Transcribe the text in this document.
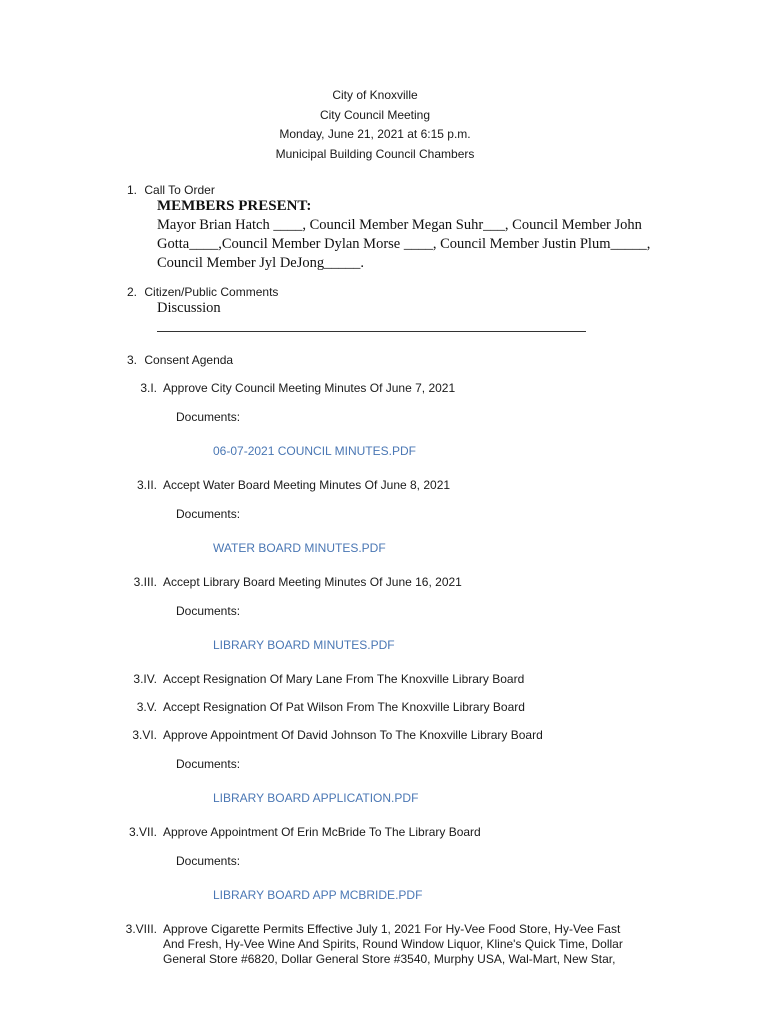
City of Knoxville
City Council Meeting
Monday, June 21, 2021 at 6:15 p.m.
Municipal Building Council Chambers
1. Call To Order
MEMBERS PRESENT:
Mayor Brian Hatch ____, Council Member Megan Suhr___, Council Member John
Gotta____,Council Member Dylan Morse ____, Council Member Justin Plum_____,
Council Member Jyl DeJong_____.
2. Citizen/Public Comments
Discussion
3. Consent Agenda
3.I. Approve City Council Meeting Minutes Of June 7, 2021
Documents:
06-07-2021 COUNCIL MINUTES.PDF
3.II. Accept Water Board Meeting Minutes Of June 8, 2021
Documents:
WATER BOARD MINUTES.PDF
3.III. Accept Library Board Meeting Minutes Of June 16, 2021
Documents:
LIBRARY BOARD MINUTES.PDF
3.IV. Accept Resignation Of Mary Lane From The Knoxville Library Board
3.V. Accept Resignation Of Pat Wilson From The Knoxville Library Board
3.VI. Approve Appointment Of David Johnson To The Knoxville Library Board
Documents:
LIBRARY BOARD APPLICATION.PDF
3.VII. Approve Appointment Of Erin McBride To The Library Board
Documents:
LIBRARY BOARD APP MCBRIDE.PDF
3.VIII. Approve Cigarette Permits Effective July 1, 2021 For Hy-Vee Food Store, Hy-Vee Fast
And Fresh, Hy-Vee Wine And Spirits, Round Window Liquor, Kline's Quick Time, Dollar
General Store #6820, Dollar General Store #3540, Murphy USA, Wal-Mart, New Star,
